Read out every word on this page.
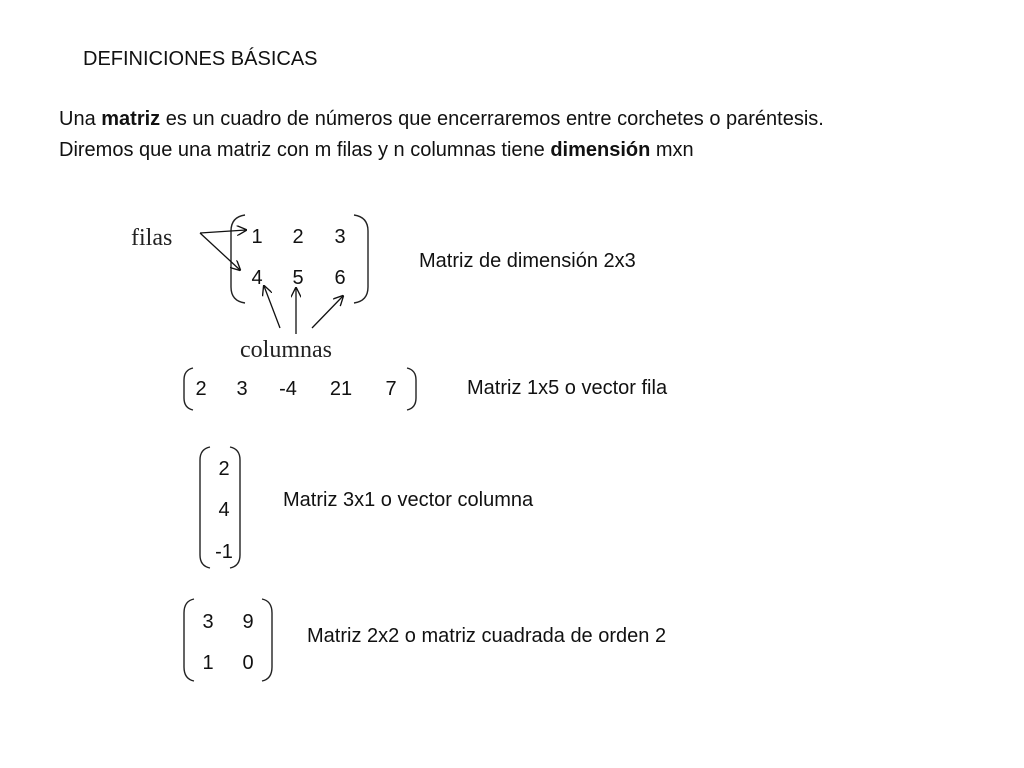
DEFINICIONES BÁSICAS
Una matriz es un cuadro de números que encerraremos entre corchetes o paréntesis.
Diremos que una matriz con m filas y n columnas tiene dimensión mxn
filas
columnas
1	2	3
4	5	6
Matriz de dimensión 2x3
2	3	-4	21	7	Matriz 1x5 o vector fila
2
4
-1
Matriz 3x1 o vector columna
3	9
1	0
Matriz 2x2 o matriz cuadrada de orden 2
